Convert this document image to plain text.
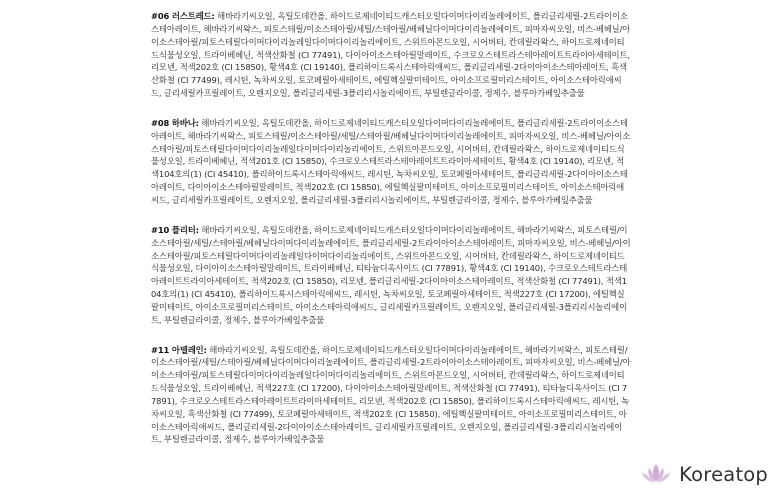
#06 러스트레드: 해바라기씨오일, 옥틸도데칸올, 하이드로제네이티드캐스터오일다이머다이리놀레에이트, 폴리글리세릴-2트라이이소스테아레이트, 해바라기씨왁스, 피토스테릴/이소스테아릴/세틸/스테아릴/베헤닐다이머다이리놀레에이트, 피마자씨오일, 비스-베헤닐/아이소스테아릴/피토스테릴다이머다이리놀레일다이머다이리놀리에이트, 스위트아몬드오일, 시어버터, 칸데릴라왁스, 하이드로제네이티드식물성오일, 트라이베헤닌, 적색산화철 (CI 77491), 다이아이소스테아릴말레이트, 수크로오스테트라스테아레이트트라이아세테이트, 리모넨, 적색202호 (CI 15850), 황색4호 (CI 19140), 폴리하이드록시스테아릭애씨드, 폴리글리세릴-2다이아이소스테아레이트, 흑색산화철 (CI 77499), 레시틴, 녹차씨오일, 토코페릴아세테이트, 에틸헥실팔미테이트, 아이소프로필미리스테이트, 아이소스테아릭애씨드, 글리세릴카프릴레이트, 오렌지오일, 폴리글리세릴-3폴리리시놀리에이트, 부틸렌글라이콜, 정제수, 블루아가베잎추출물

#08 하바나: 해바라기씨오일, 옥틸도데칸올, 하이드로제네이티드캐스터오일다이머다이리놀레에이트, 폴리글리세릴-2트라이이소스테아레이트, 해바라기씨왁스, 피토스테릴/이소스테아릴/세틸/스테아릴/베헤닐다이머다이리놀레에이트, 피마자씨오일, 비스-베헤닐/아이소스테아릴/피토스테릴다이머다이리놀레일다이머다이리놀리에이트, 스위트아몬드오일, 시어버터, 칸데릴라왁스, 하이드로제네이티드식물성오일, 트라이베헤닌, 적색201호 (CI 15850), 수크로오스테트라스테아레이트트라이아세테이트, 황색4호 (CI 19140), 리모넨, 적색104호의(1) (CI 45410), 폴리하이드록시스테아릭애씨드, 레시틴, 녹차씨오일, 토코페릴아세테이트, 폴리글리세릴-2다이아이소스테아레이트, 다이아이소스테아릴말레이트, 적색202호 (CI 15850), 에틸헥실팔미테이트, 아이소프로필미리스테이트, 아이소스테아릭애씨드, 글리세릴카프릴레이트, 오렌지오일, 폴리글리세릴-3폴리리시놀리에이트, 부틸렌글라이콜, 정제수, 블루아가베잎추출물

#10 플리터: 해바라기씨오일, 옥틸도데칸올, 하이드로제네이티드캐스터오일다이머다이리놀레에이트, 해바라기씨왁스, 피토스테릴/이소스테아릴/세틸/스테아릴/베헤닐다이머다이리놀레에이트, 폴리글리세릴-2트라이아이소스테아레이트, 피마자씨오일, 비스-베헤닐/아이소스테아릴/피토스테릴다이머다이리놀레일다이머다이리놀리에이트, 스위트아몬드오일, 시어버터, 칸데릴라왁스, 하이드로제네이티드식물성오일, 다이아이소스테아릴말레이트, 트라이베헤닌, 티타늄디옥사이드 (CI 77891), 황색4호 (CI 19140), 수크로오스테트라스테아레이트트라이아세테이트, 적색202호 (CI 15850), 리모넨, 폴리글리세릴-2다이아이소스테아레이트, 적색산화철 (CI 77491), 적색104호의(1) (CI 45410), 폴리하이드록시스테아릭애씨드, 레시틴, 녹차씨오일, 토코페릴아세테이트, 적색227호 (CI 17200), 에틸헥실팔미테이트, 아이소프로필미리스테이트, 아이소스테아릭애씨드, 글리세릴카프릴레이트, 오렌지오일, 폴리글리세릴-3폴리리시놀리에이트, 부틸렌글라이콜, 정제수, 블루아가베잎추출물

#11 아델레인: 해바라기씨오일, 옥틸도데칸올, 하이드로제네이티드캐스터오일다이머다이리놀레에이트, 해바라기씨왁스, 피토스테릴/이소스테아릴/세틸/스테아릴/베헤닐다이머다이리놀레에이트, 폴리글리세릴-2트라이아이소스테아레이트, 피마자씨오일, 비스-베헤닐/아이소스테아릴/피토스테릴다이머다이리놀레일다이머다이리놀리에이트, 스위트아몬드오일, 시어버터, 칸데릴라왁스, 하이드로제네이티드식물성오일, 트라이베헤닌, 적색227호 (CI 17200), 다이아이소스테아릴말레이트, 적색산화철 (CI 77491), 티타늄디옥사이드 (CI 77891), 수크로오스테트라스테아레이트트라이아세테이트, 리모넨, 적색202호 (CI 15850), 폴리하이드록시스테아릭애씨드, 레시틴, 녹차씨오일, 흑색산화철 (CI 77499), 토코페릴아세테이트, 적색202호 (CI 15850), 에틸헥실팔미테이트, 아이소프로필미리스테이트, 아이소스테아릭애씨드, 폴리글리세릴-2다이아이소스테아레이트, 글리세릴카프릴레이트, 오렌지오일, 폴리글리세릴-3폴리리시놀리에이트, 부틸렌글라이콜, 정제수, 블루아가베잎추출물

Koreatop
